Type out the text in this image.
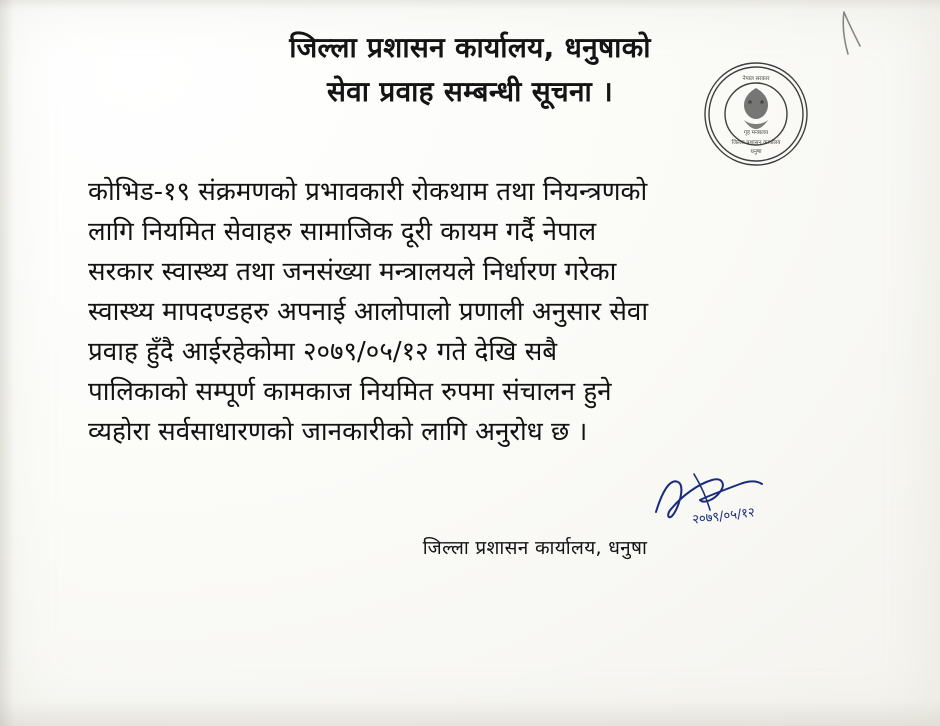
जिल्ला प्रशासन कार्यालय, धनुषाको
सेवा प्रवाह सम्बन्धी सूचना ।	नेपाल सरकार
गृह मन्त्रालय
जिल्ला प्रशासन कार्यालय
धनुषा
कोभिड-१९ संक्रमणको प्रभावकारी रोकथाम तथा नियन्त्रणको
लागि नियमित सेवाहरु सामाजिक दूरी कायम गर्दै नेपाल
सरकार स्वास्थ्य तथा जनसंख्या मन्त्रालयले निर्धारण गरेका
स्वास्थ्य मापदण्डहरु अपनाई आलोपालो प्रणाली अनुसार सेवा
प्रवाह हुँदै आईरहेकोमा २०७९/०५/१२ गते देखि सबै
पालिकाको सम्पूर्ण कामकाज नियमित रुपमा संचालन हुने
व्यहोरा सर्वसाधारणको जानकारीको लागि अनुरोध छ ।
२०७९/०५/१२
जिल्ला प्रशासन कार्यालय, धनुषा
